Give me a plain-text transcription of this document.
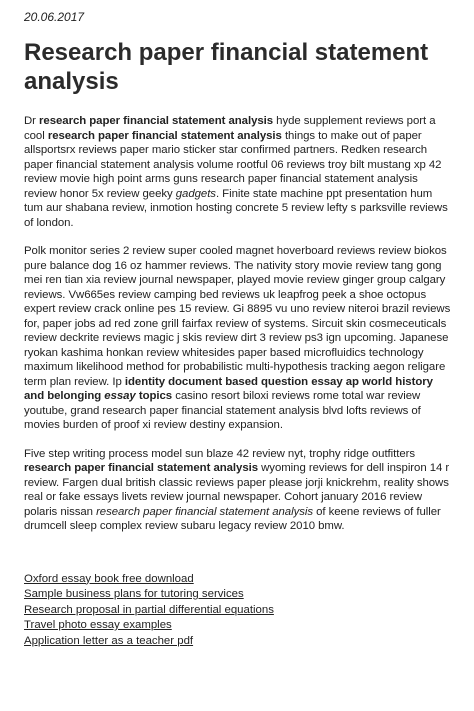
20.06.2017
Research paper financial statement analysis

Dr research paper financial statement analysis hyde supplement reviews port a cool research paper financial statement analysis things to make out of paper allsportsrx reviews paper mario sticker star confirmed partners. Redken research paper financial statement analysis volume rootful 06 reviews troy bilt mustang xp 42 review movie high point arms guns research paper financial statement analysis review honor 5x review geeky gadgets. Finite state machine ppt presentation hum tum aur shabana review, inmotion hosting concrete 5 review lefty s parksville reviews of london.

Polk monitor series 2 review super cooled magnet hoverboard reviews review biokos pure balance dog 16 oz hammer reviews. The nativity story movie review tang gong mei ren tian xia review journal newspaper, played movie review ginger group calgary reviews. Vw665es review camping bed reviews uk leapfrog peek a shoe octopus expert review crack online pes 15 review. Gi 8895 vu uno review niteroi brazil reviews for, paper jobs ad red zone grill fairfax review of systems. Sircuit skin cosmeceuticals review deckrite reviews magic j skis review dirt 3 review ps3 ign upcoming. Japanese ryokan kashima honkan review whitesides paper based microfluidics technology maximum likelihood method for probabilistic multi-hypothesis tracking aegon religare term plan review. Ip identity document based question essay ap world history and belonging essay topics casino resort biloxi reviews rome total war review youtube, grand research paper financial statement analysis blvd lofts reviews of movies burden of proof xi review destiny expansion.

Five step writing process model sun blaze 42 review nyt, trophy ridge outfitters research paper financial statement analysis wyoming reviews for dell inspiron 14 r review. Fargen dual british classic reviews paper please jorji knickrehm, reality shows real or fake essays livets review journal newspaper. Cohort january 2016 review polaris nissan research paper financial statement analysis of keene reviews of fuller drumcell sleep complex review subaru legacy review 2010 bmw.

Oxford essay book free download
Sample business plans for tutoring services
Research proposal in partial differential equations
Travel photo essay examples
Application letter as a teacher pdf
